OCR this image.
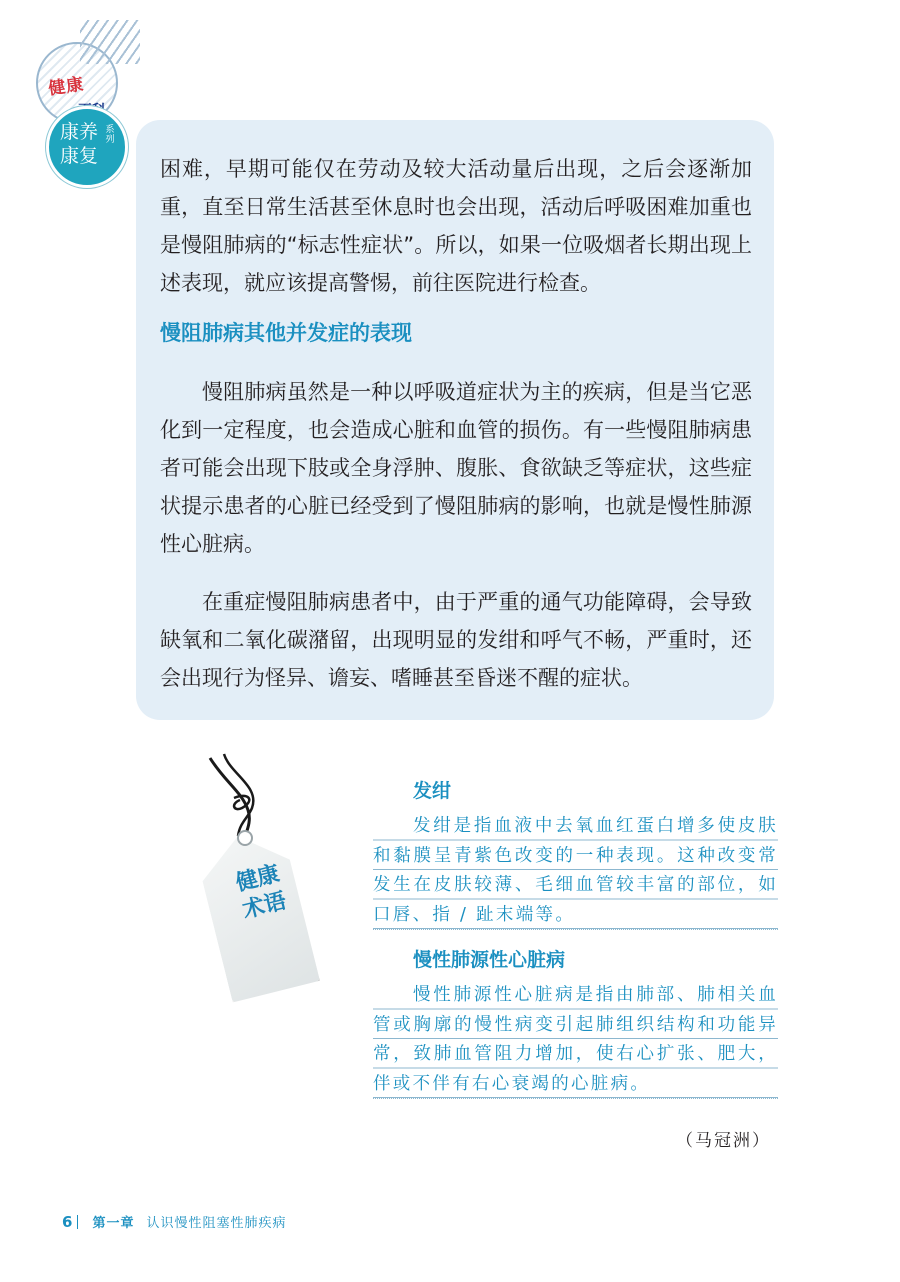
健康
康养
康复
系列

困难，早期可能仅在劳动及较大活动量后出现，之后会逐渐加重，直至日常生活甚至休息时也会出现，活动后呼吸困难加重也是慢阻肺病的“标志性症状”。所以，如果一位吸烟者长期出现上述表现，就应该提高警惕，前往医院进行检查。

慢阻肺病其他并发症的表现

慢阻肺病虽然是一种以呼吸道症状为主的疾病，但是当它恶化到一定程度，也会造成心脏和血管的损伤。有一些慢阻肺病患者可能会出现下肢或全身浮肿、腹胀、食欲缺乏等症状，这些症状提示患者的心脏已经受到了慢阻肺病的影响，也就是慢性肺源性心脏病。

在重症慢阻肺病患者中，由于严重的通气功能障碍，会导致缺氧和二氧化碳潴留，出现明显的发绀和呼气不畅，严重时，还会出现行为怪异、谵妄、嗜睡甚至昏迷不醒的症状。

健康
术语
发绀

发绀是指血液中去氧血红蛋白增多使皮肤和黏膜呈青紫色改变的一种表现。这种改变常发生在皮肤较薄、毛细血管较丰富的部位，如口唇、指 / 趾末端等。

慢性肺源性心脏病

慢性肺源性心脏病是指由肺部、肺相关血管或胸廓的慢性病变引起肺组织结构和功能异常，致肺血管阻力增加，使右心扩张、肥大，伴或不伴有右心衰竭的心脏病。

（马冠洲）

6 第一章 认识慢性阻塞性肺疾病
